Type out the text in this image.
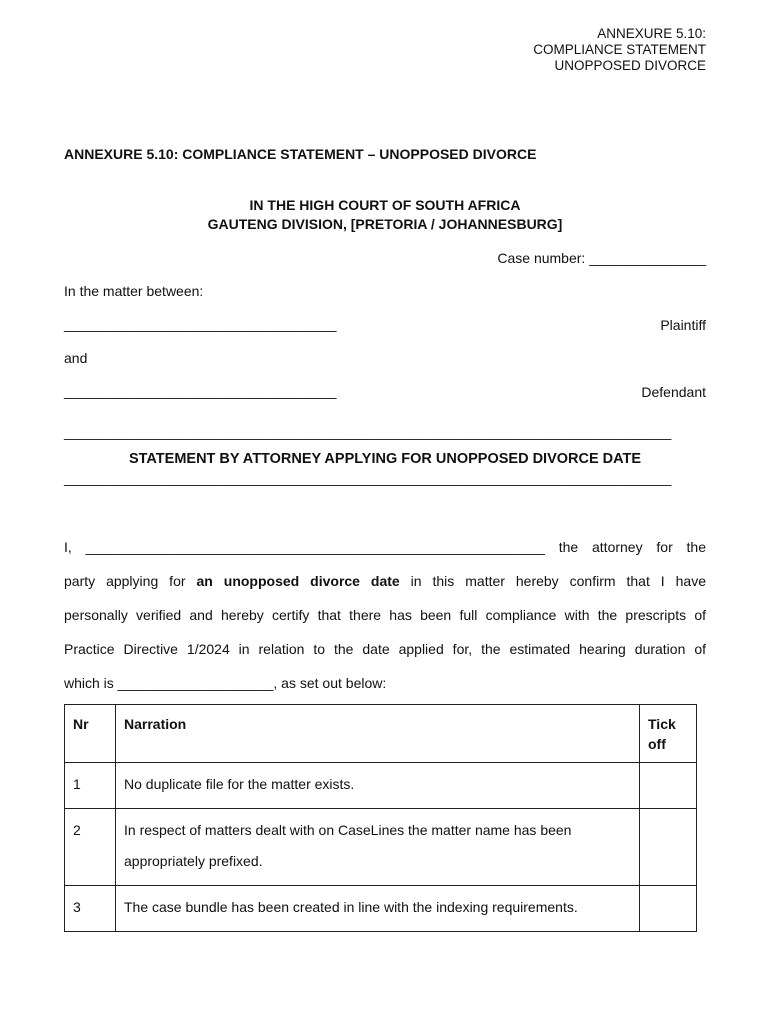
ANNEXURE 5.10:
COMPLIANCE STATEMENT
UNOPPOSED DIVORCE
ANNEXURE 5.10: COMPLIANCE STATEMENT – UNOPPOSED DIVORCE
IN THE HIGH COURT OF SOUTH AFRICA
GAUTENG DIVISION, [PRETORIA / JOHANNESBURG]
Case number: _______________
In the matter between:
___________________________________	Plaintiff
and
___________________________________	Defendant
______________________________________________________________________________
STATEMENT BY ATTORNEY APPLYING FOR UNOPPOSED DIVORCE DATE
______________________________________________________________________________
I, ___________________________________________________________ the attorney for the
party applying for an unopposed divorce date in this matter hereby confirm that I have
personally verified and hereby certify that there has been full compliance with the prescripts of
Practice Directive 1/2024 in relation to the date applied for, the estimated hearing duration of
which is ____________________, as set out below:
Nr	Narration	Tick
off
1	No duplicate file for the matter exists.	
2	In respect of matters dealt with on CaseLines the matter name has been appropriately prefixed.	
3	The case bundle has been created in line with the indexing requirements.	
